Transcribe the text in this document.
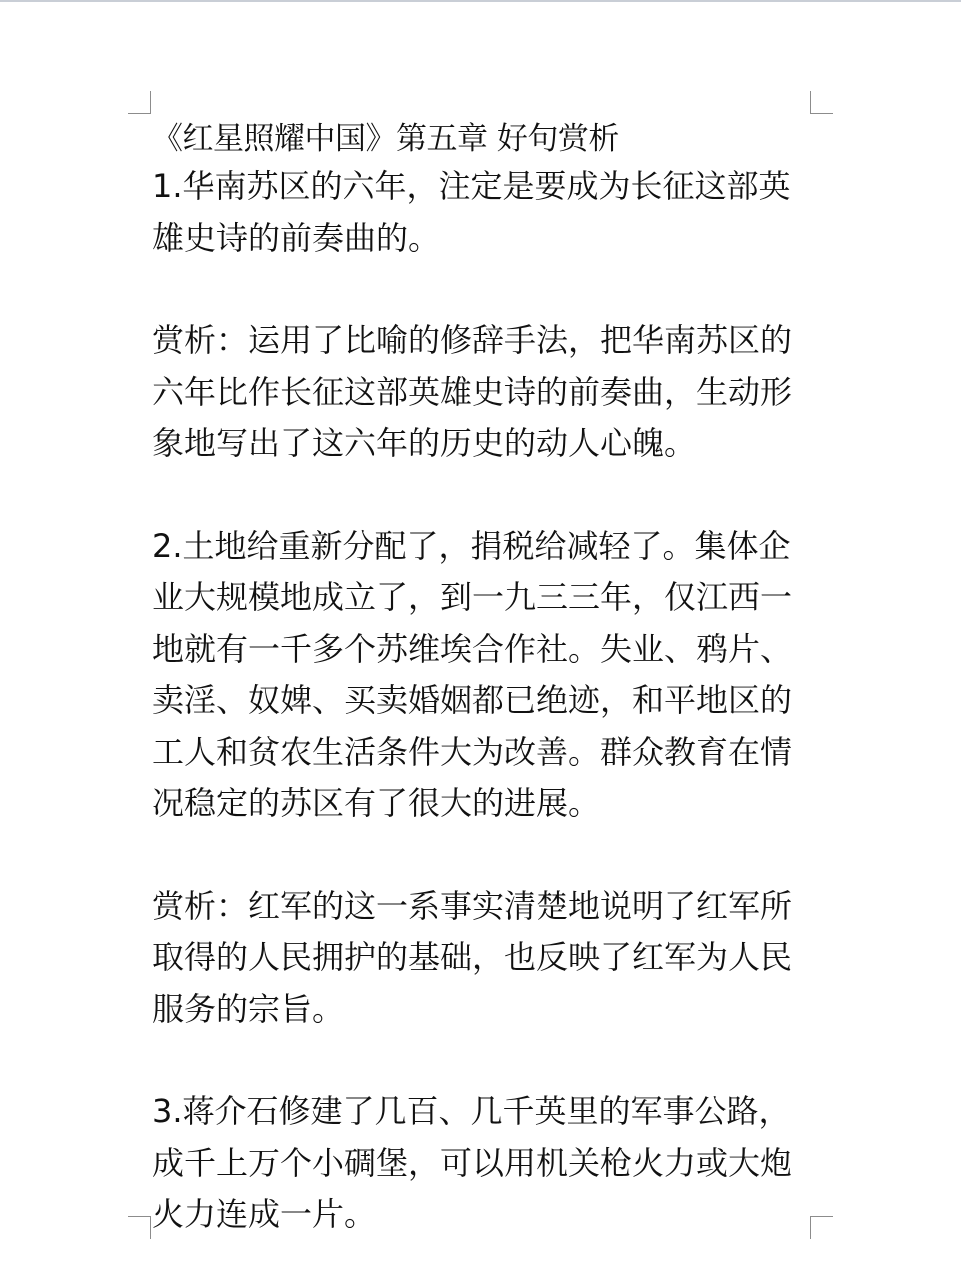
《红星照耀中国》第五章 好句赏析

1.华南苏区的六年，注定是要成为长征这部英雄史诗的前奏曲的。

赏析：运用了比喻的修辞手法，把华南苏区的六年比作长征这部英雄史诗的前奏曲，生动形象地写出了这六年的历史的动人心魄。

2.土地给重新分配了，捐税给减轻了。集体企业大规模地成立了，到一九三三年，仅江西一地就有一千多个苏维埃合作社。失业、鸦片、卖淫、奴婢、买卖婚姻都已绝迹，和平地区的工人和贫农生活条件大为改善。群众教育在情况稳定的苏区有了很大的进展。

赏析：红军的这一系事实清楚地说明了红军所取得的人民拥护的基础，也反映了红军为人民服务的宗旨。

3.蒋介石修建了几百、几千英里的军事公路，成千上万个小碉堡，可以用机关枪火力或大炮火力连成一片。
